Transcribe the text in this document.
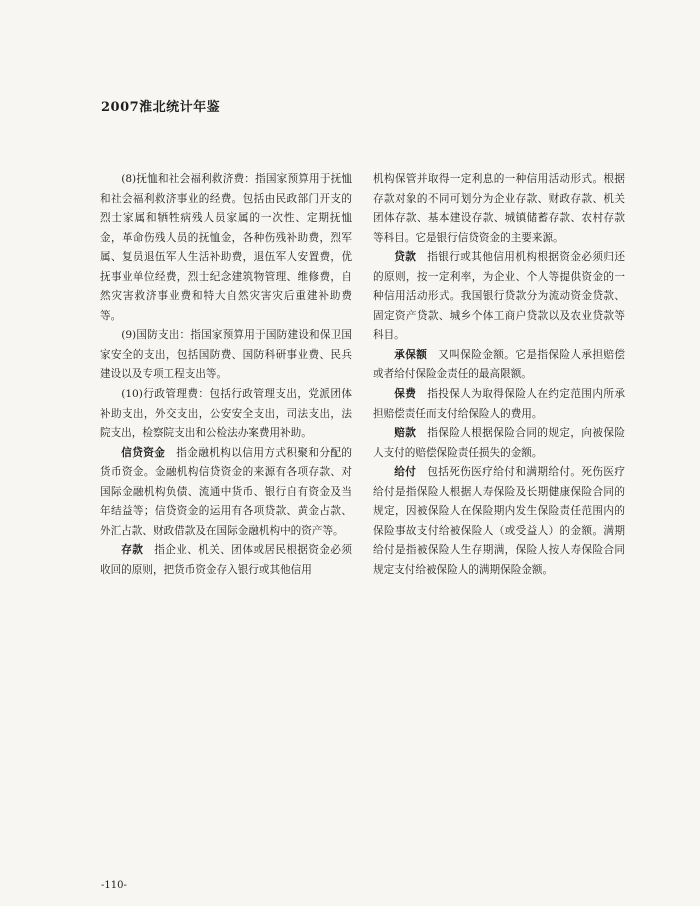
2007淮北统计年鉴

(8)抚恤和社会福利救济费：指国家预算用于抚恤和社会福利救济事业的经费。包括由民政部门开支的烈士家属和牺牲病残人员家属的一次性、定期抚恤金，革命伤残人员的抚恤金，各种伤残补助费，烈军属、复员退伍军人生活补助费，退伍军人安置费，优抚事业单位经费，烈士纪念建筑物管理、维修费，自然灾害救济事业费和特大自然灾害灾后重建补助费等。

(9)国防支出：指国家预算用于国防建设和保卫国家安全的支出，包括国防费、国防科研事业费、民兵建设以及专项工程支出等。

(10)行政管理费：包括行政管理支出，党派团体补助支出，外交支出，公安安全支出，司法支出，法院支出，检察院支出和公检法办案费用补助。

信贷资金　指金融机构以信用方式积聚和分配的货币资金。金融机构信贷资金的来源有各项存款、对国际金融机构负债、流通中货币、银行自有资金及当年结益等；信贷资金的运用有各项贷款、黄金占款、外汇占款、财政借款及在国际金融机构中的资产等。

存款　指企业、机关、团体或居民根据资金必须收回的原则，把货币资金存入银行或其他信用

机构保管并取得一定利息的一种信用活动形式。根据存款对象的不同可划分为企业存款、财政存款、机关团体存款、基本建设存款、城镇储蓄存款、农村存款等科目。它是银行信贷资金的主要来源。

贷款　指银行或其他信用机构根据资金必须归还的原则，按一定利率，为企业、个人等提供资金的一种信用活动形式。我国银行贷款分为流动资金贷款、固定资产贷款、城乡个体工商户贷款以及农业贷款等科目。

承保额　又叫保险金额。它是指保险人承担赔偿或者给付保险金责任的最高限额。

保费　指投保人为取得保险人在约定范围内所承担赔偿责任而支付给保险人的费用。

赔款　指保险人根据保险合同的规定，向被保险人支付的赔偿保险责任损失的金额。

给付　包括死伤医疗给付和满期给付。死伤医疗给付是指保险人根据人寿保险及长期健康保险合同的规定，因被保险人在保险期内发生保险责任范围内的保险事故支付给被保险人（或受益人）的金额。满期给付是指被保险人生存期满，保险人按人寿保险合同规定支付给被保险人的满期保险金额。

-110-
